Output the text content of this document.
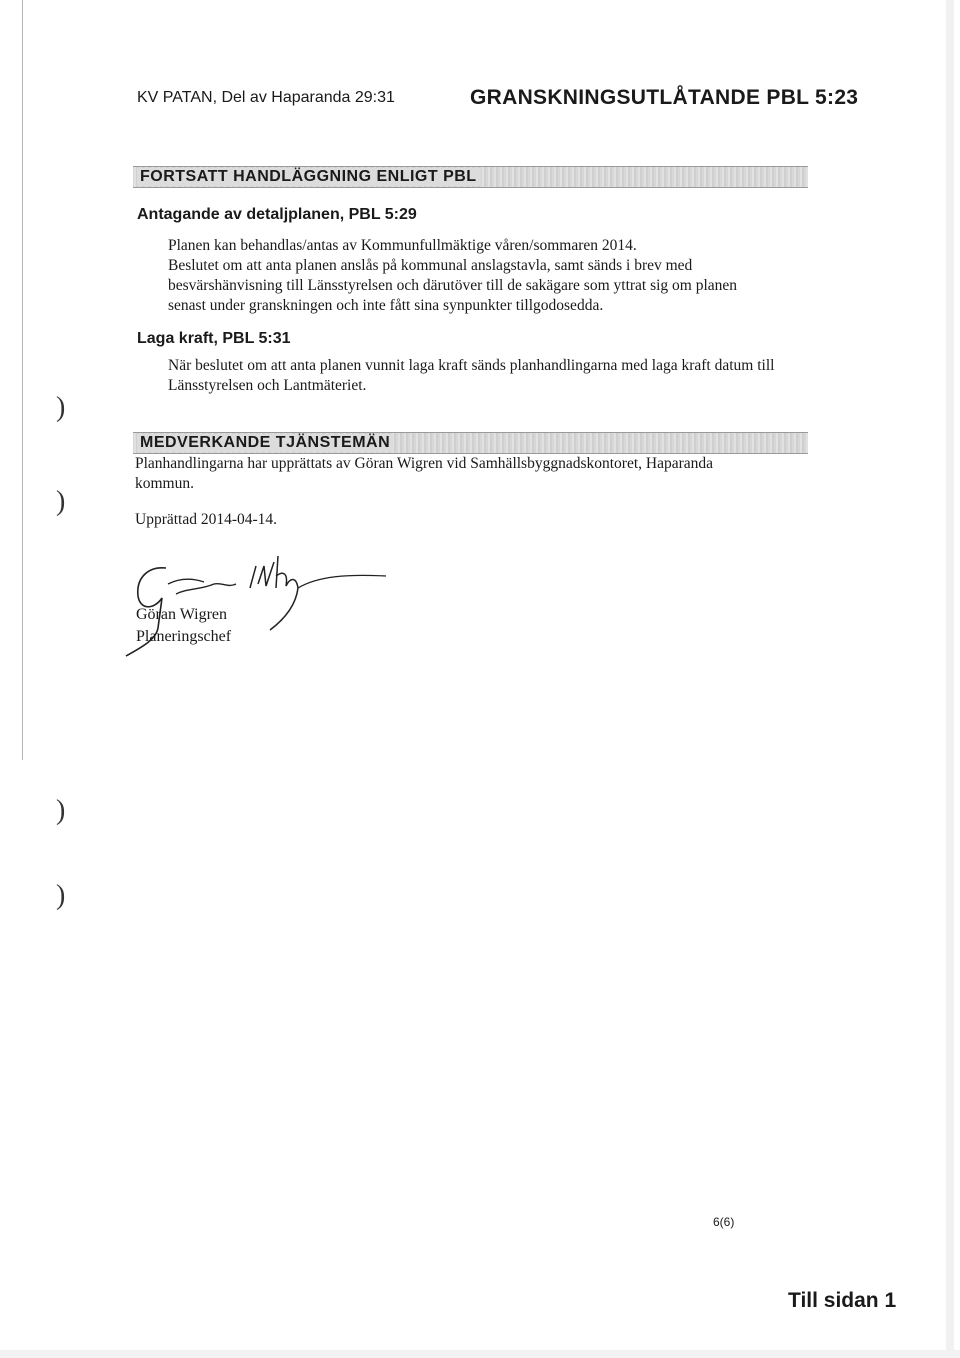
KV PATAN, Del av Haparanda 29:31	GRANSKNINGSUTLÅTANDE PBL 5:23
FORTSATT HANDLÄGGNING ENLIGT PBL
Antagande av detaljplanen, PBL 5:29
Planen kan behandlas/antas av Kommunfullmäktige våren/sommaren 2014.
Beslutet om att anta planen anslås på kommunal anslagstavla, samt sänds i brev med
besvärshänvisning till Länsstyrelsen och därutöver till de sakägare som yttrat sig om planen
senast under granskningen och inte fått sina synpunkter tillgodosedda.
Laga kraft, PBL 5:31
När beslutet om att anta planen vunnit laga kraft sänds planhandlingarna med laga kraft datum till
Länsstyrelsen och Lantmäteriet.
MEDVERKANDE TJÄNSTEMÄN
Planhandlingarna har upprättats av Göran Wigren vid Samhällsbyggnadskontoret, Haparanda
kommun.
Upprättad 2014-04-14.
Göran Wigren
Planeringschef
)
)
)
)
6(6)
Till sidan 1
